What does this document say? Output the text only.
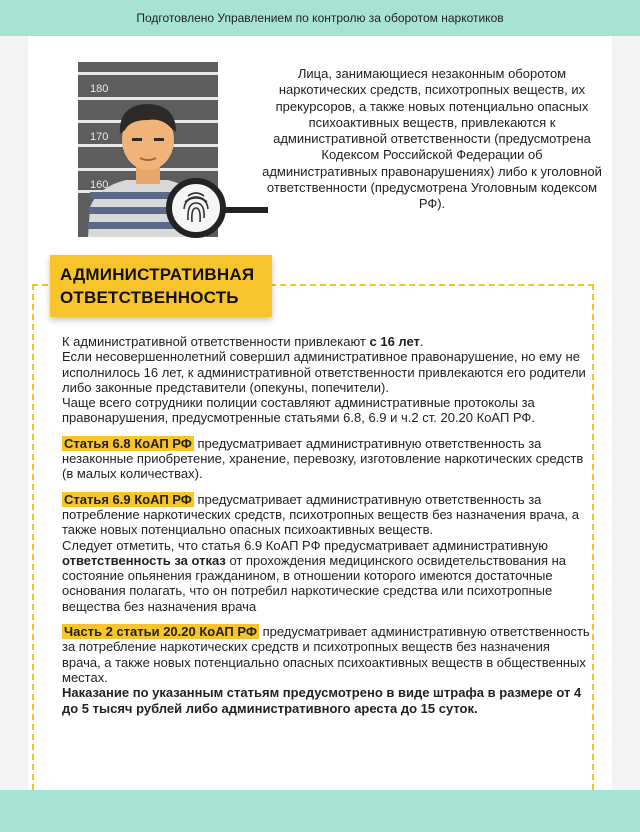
Подготовлено Управлением по контролю за оборотом наркотиков
180
170
160
Лица, занимающиеся незаконным оборотом наркотических средств, психотропных веществ, их прекурсоров, а также новых потенциально опасных психоактивных веществ, привлекаются к административной ответственности (предусмотрена Кодексом Российской Федерации об административных правонарушениях) либо к уголовной ответственности (предусмотрена Уголовным кодексом РФ).
АДМИНИСТРАТИВНАЯ
ОТВЕТСТВЕННОСТЬ

К административной ответственности привлекают с 16 лет.

Если несовершеннолетний совершил административное правонарушение, но ему не исполнилось 16 лет, к административной ответственности привлекаются его родители либо законные представители (опекуны, попечители).

Чаще всего сотрудники полиции составляют административные протоколы за правонарушения, предусмотренные статьями 6.8, 6.9 и ч.2 ст. 20.20 КоАП РФ.

Статья 6.8 КоАП РФ предусматривает административную ответственность за незаконные приобретение, хранение, перевозку, изготовление наркотических средств (в малых количествах).

Статья 6.9 КоАП РФ предусматривает административную ответственность за потребление наркотических средств, психотропных веществ без назначения врача, а также новых потенциально опасных психоактивных веществ.

Следует отметить, что статья 6.9 КоАП РФ предусматривает административную ответственность за отказ от прохождения медицинского освидетельствования на состояние опьянения гражданином, в отношении которого имеются достаточные основания полагать, что он потребил наркотические средства или психотропные вещества без назначения врача

Часть 2 статьи 20.20 КоАП РФ предусматривает административную ответственность за потребление наркотических средств и психотропных веществ без назначения врача, а также новых потенциально опасных психоактивных веществ в общественных местах.

Наказание по указанным статьям предусмотрено в виде штрафа в размере от 4 до 5 тысяч рублей либо административного ареста до 15 суток.
